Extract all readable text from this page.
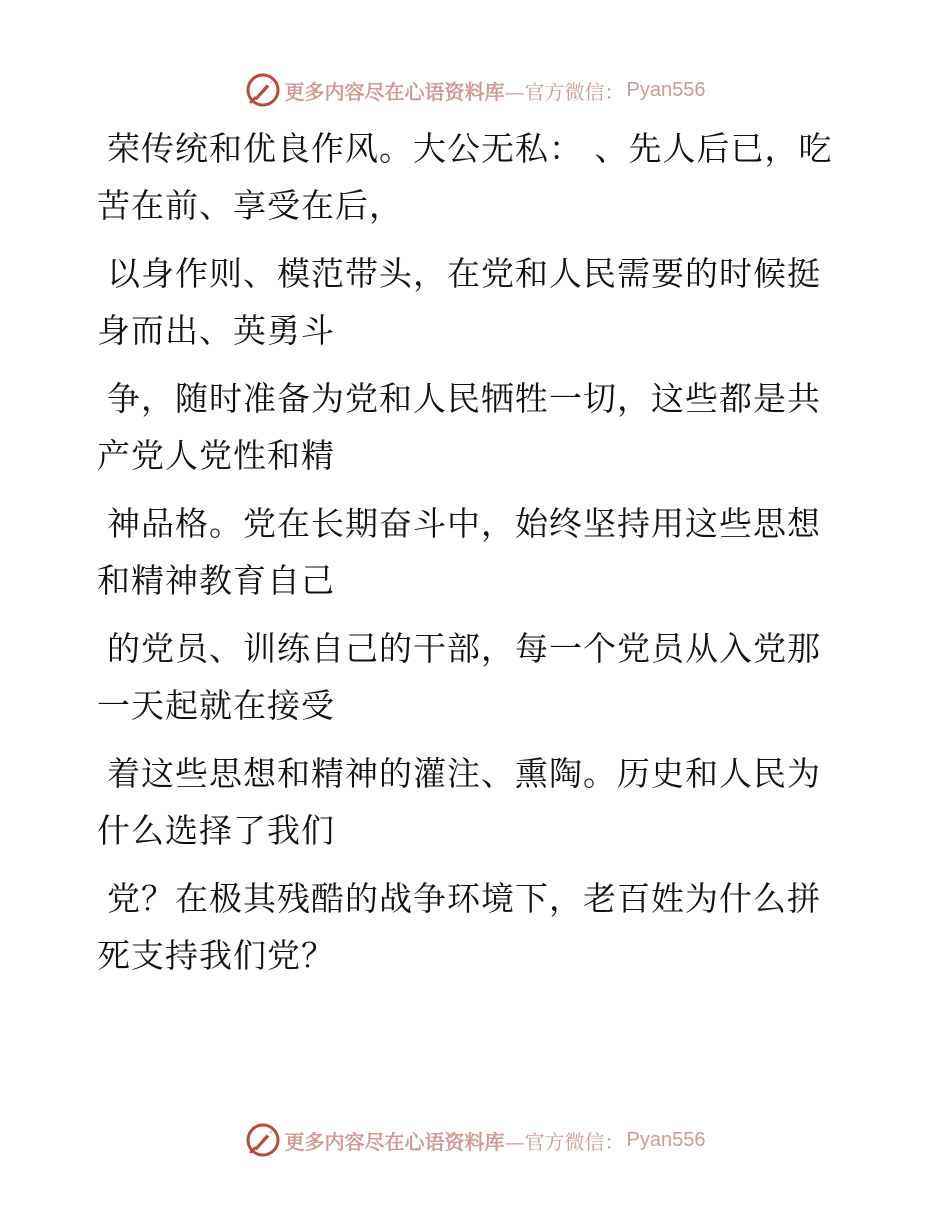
更多内容尽在心语资料库 —官方微信： Pyan556
荣传统和优良作风。大公无私： 、先人后已，吃
苦在前、享受在后，
以身作则、模范带头，在党和人民需要的时候挺
身而出、英勇斗
争，随时准备为党和人民牺牲一切，这些都是共
产党人党性和精
神品格。党在长期奋斗中，始终坚持用这些思想
和精神教育自己
的党员、训练自己的干部，每一个党员从入党那
一天起就在接受
着这些思想和精神的灌注、熏陶。历史和人民为
什么选择了我们
党？在极其残酷的战争环境下，老百姓为什么拼
死支持我们党？
更多内容尽在心语资料库 —官方微信： Pyan556
